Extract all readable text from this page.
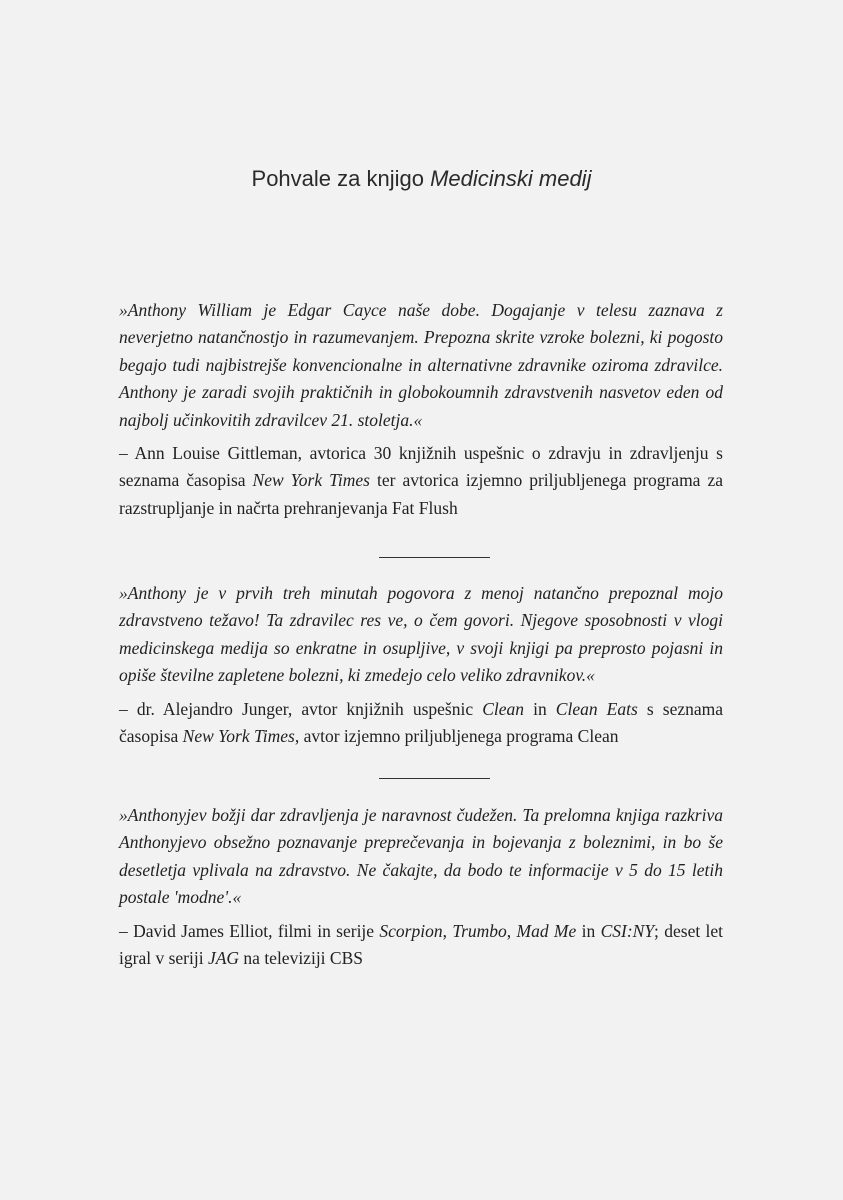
Pohvale za knjigo Medicinski medij

»Anthony William je Edgar Cayce naše dobe. Dogajanje v telesu zaznava z neverjetno natančnostjo in razumevanjem. Prepozna skrite vzroke bolezni, ki pogosto begajo tudi najbistrejše konvencionalne in alternativne zdravnike oziroma zdravilce. Anthony je zaradi svojih praktičnih in globokoumnih zdravstvenih nasvetov eden od najbolj učinkovitih zdravilcev 21. stoletja.«

– Ann Louise Gittleman, avtorica 30 knjižnih uspešnic o zdravju in zdravljenju s seznama časopisa New York Times ter avtorica izjemno priljubljenega programa za razstrupljanje in načrta prehranjevanja Fat Flush

»Anthony je v prvih treh minutah pogovora z menoj natančno prepoznal mojo zdravstveno težavo! Ta zdravilec res ve, o čem govori. Njegove sposobnosti v vlogi medicinskega medija so enkratne in osupljive, v svoji knjigi pa preprosto pojasni in opiše številne zapletene bolezni, ki zmedejo celo veliko zdravnikov.«

– dr. Alejandro Junger, avtor knjižnih uspešnic Clean in Clean Eats s seznama časopisa New York Times, avtor izjemno priljubljenega programa Clean

»Anthonyjev božji dar zdravljenja je naravnost čudežen. Ta prelomna knjiga razkriva Anthonyjevo obsežno poznavanje preprečevanja in bojevanja z boleznimi, in bo še desetletja vplivala na zdravstvo. Ne čakajte, da bodo te informacije v 5 do 15 letih postale 'modne'.«

– David James Elliot, filmi in serije Scorpion, Trumbo, Mad Me in CSI:NY; deset let igral v seriji JAG na televiziji CBS
